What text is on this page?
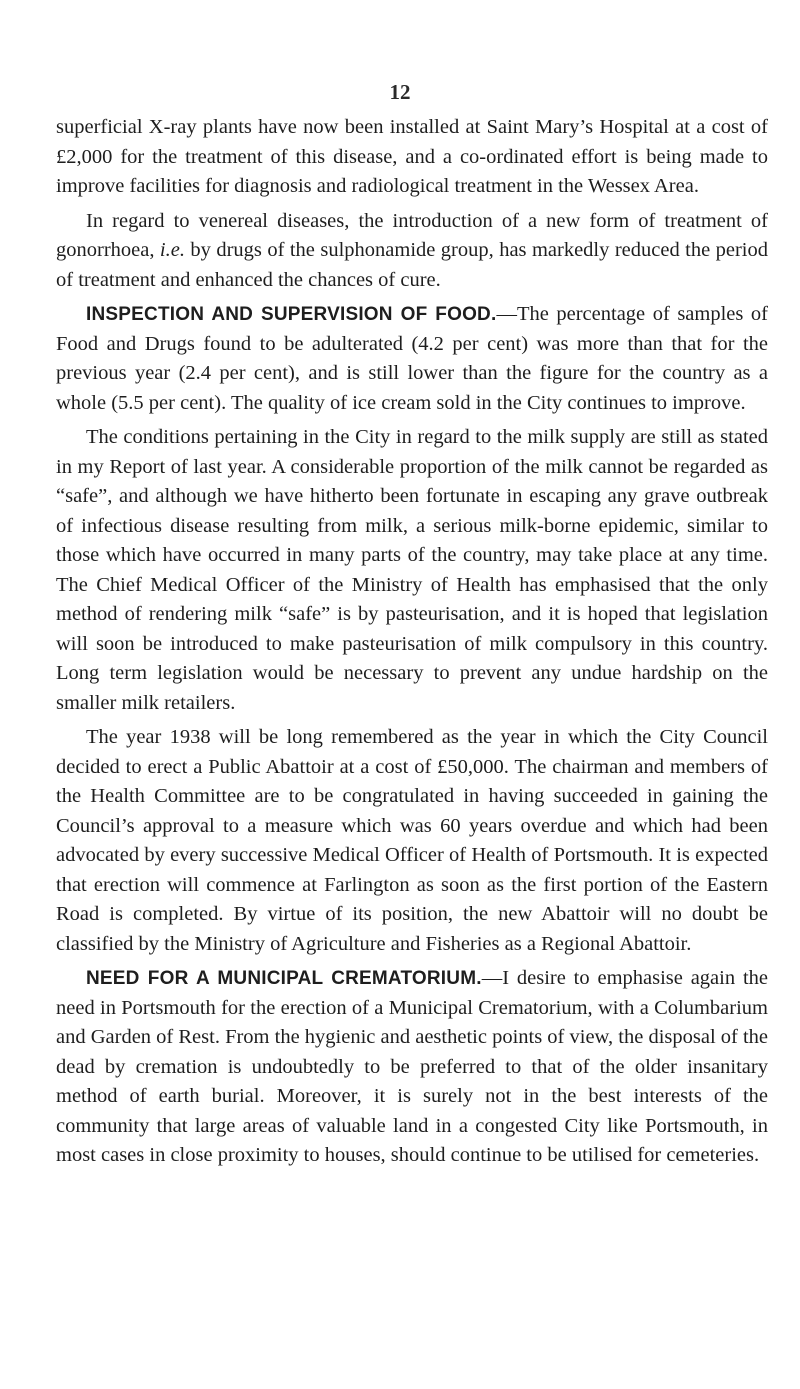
12

superficial X-ray plants have now been installed at Saint Mary’s Hospital at a cost of £2,000 for the treatment of this disease, and a co-ordinated effort is being made to improve facilities for diagnosis and radiological treatment in the Wessex Area.

In regard to venereal diseases, the introduction of a new form of treatment of gonorrhoea, i.e. by drugs of the sulphonamide group, has markedly reduced the period of treatment and enhanced the chances of cure.

INSPECTION AND SUPERVISION OF FOOD.—The percentage of samples of Food and Drugs found to be adulterated (4.2 per cent) was more than that for the previous year (2.4 per cent), and is still lower than the figure for the country as a whole (5.5 per cent). The quality of ice cream sold in the City continues to improve.

The conditions pertaining in the City in regard to the milk supply are still as stated in my Report of last year. A considerable proportion of the milk cannot be regarded as “safe”, and although we have hitherto been fortunate in escaping any grave outbreak of infectious disease resulting from milk, a serious milk-borne epidemic, similar to those which have occurred in many parts of the country, may take place at any time. The Chief Medical Officer of the Ministry of Health has emphasised that the only method of rendering milk “safe” is by pasteurisation, and it is hoped that legislation will soon be introduced to make pasteurisation of milk compulsory in this country. Long term legislation would be necessary to prevent any undue hardship on the smaller milk retailers.

The year 1938 will be long remembered as the year in which the City Council decided to erect a Public Abattoir at a cost of £50,000. The chairman and members of the Health Committee are to be congratulated in having succeeded in gaining the Council’s approval to a measure which was 60 years overdue and which had been advocated by every successive Medical Officer of Health of Portsmouth. It is expected that erection will commence at Farlington as soon as the first portion of the Eastern Road is completed. By virtue of its position, the new Abattoir will no doubt be classified by the Ministry of Agriculture and Fisheries as a Regional Abattoir.

NEED FOR A MUNICIPAL CREMATORIUM.—I desire to emphasise again the need in Portsmouth for the erection of a Municipal Crematorium, with a Columbarium and Garden of Rest. From the hygienic and aesthetic points of view, the disposal of the dead by cremation is undoubtedly to be preferred to that of the older insanitary method of earth burial. Moreover, it is surely not in the best interests of the community that large areas of valuable land in a congested City like Portsmouth, in most cases in close proximity to houses, should continue to be utilised for cemeteries.
